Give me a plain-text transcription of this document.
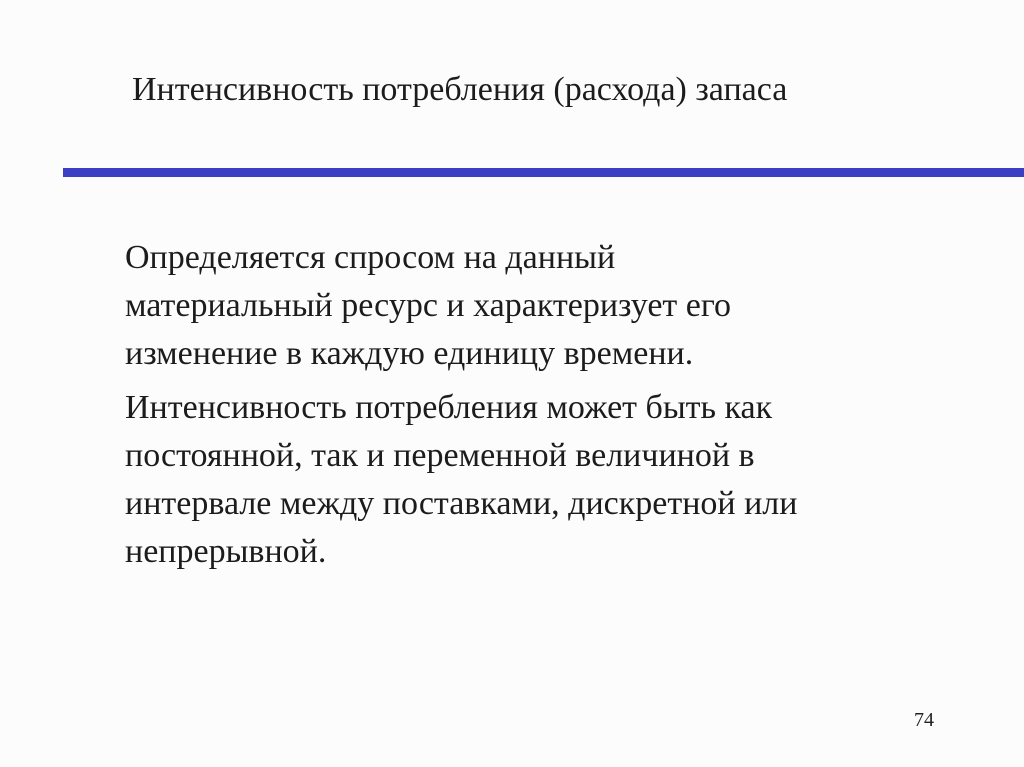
Интенсивность потребления (расхода) запаса

Определяется спросом на данный
материальный ресурс и характеризует его
изменение в каждую единицу времени.

Интенсивность потребления может быть как
постоянной, так и переменной величиной в
интервале между поставками, дискретной или
непрерывной.

74
